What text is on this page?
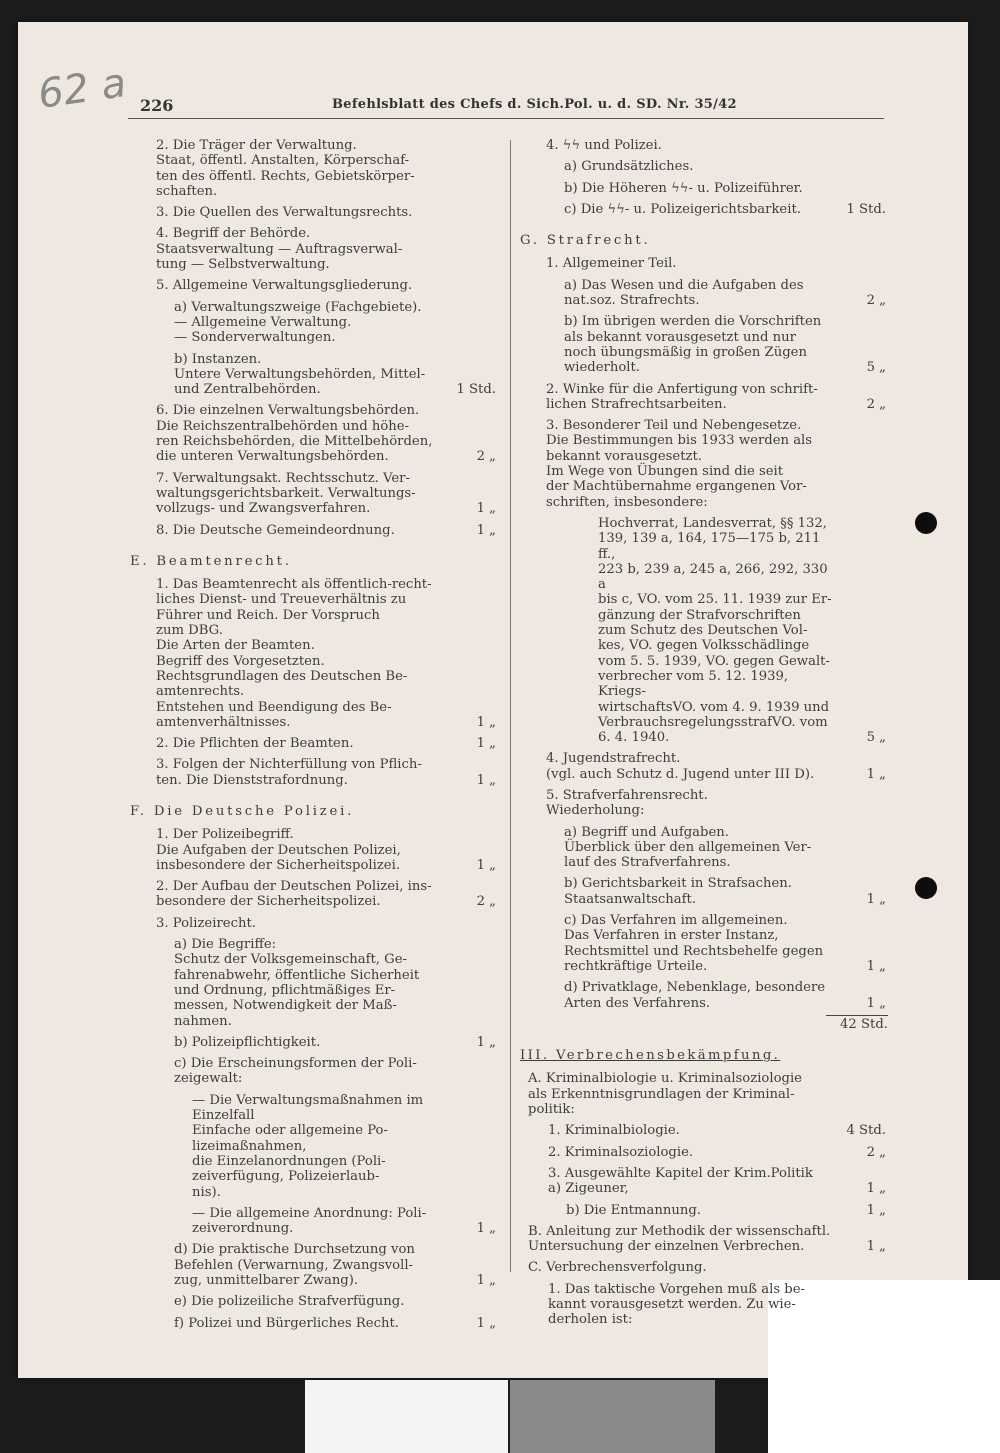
62 a 226	Befehlsblatt des Chefs d. Sich.Pol. u. d. SD. Nr. 35/42
2. Die Träger der Verwaltung.
Staat, öffentl. Anstalten, Körperschaf-
ten des öffentl. Rechts, Gebietskörper-
schaften.
3. Die Quellen des Verwaltungsrechts.
4. Begriff der Behörde.
Staatsverwaltung — Auftragsverwal-
tung — Selbstverwaltung.
5. Allgemeine Verwaltungsgliederung.
a) Verwaltungszweige (Fachgebiete).
— Allgemeine Verwaltung.
— Sonderverwaltungen.
b) Instanzen.
Untere Verwaltungsbehörden, Mittel-
und Zentralbehörden.	1 Std.
6. Die einzelnen Verwaltungsbehörden.
Die Reichszentralbehörden und höhe-
ren Reichsbehörden, die Mittelbehörden,
die unteren Verwaltungsbehörden.	2 „
7. Verwaltungsakt. Rechtsschutz. Ver-
waltungsgerichtsbarkeit. Verwaltungs-
vollzugs- und Zwangsverfahren.	1 „
8. Die Deutsche Gemeindeordnung.	1 „
E. Beamtenrecht.
1. Das Beamtenrecht als öffentlich-recht-
liches Dienst- und Treueverhältnis zu
Führer und Reich. Der Vorspruch
zum DBG.
Die Arten der Beamten.
Begriff des Vorgesetzten.
Rechtsgrundlagen des Deutschen Be-
amtenrechts.
Entstehen und Beendigung des Be-
amtenverhältnisses.	1 „
2. Die Pflichten der Beamten.	1 „
3. Folgen der Nichterfüllung von Pflich-
ten. Die Dienststrafordnung.	1 „
F. Die Deutsche Polizei.
1. Der Polizeibegriff.
Die Aufgaben der Deutschen Polizei,
insbesondere der Sicherheitspolizei.	1 „
2. Der Aufbau der Deutschen Polizei, ins-
besondere der Sicherheitspolizei.	2 „
3. Polizeirecht.
a) Die Begriffe:
Schutz der Volksgemeinschaft, Ge-
fahrenabwehr, öffentliche Sicherheit
und Ordnung, pflichtmäßiges Er-
messen, Notwendigkeit der Maß-
nahmen.
b) Polizeipflichtigkeit.	1 „
c) Die Erscheinungsformen der Poli-
zeigewalt:
— Die Verwaltungsmaßnahmen im
Einzelfall
Einfache oder allgemeine Po-
lizeimaßnahmen,
die Einzelanordnungen (Poli-
zeiverfügung, Polizeierlaub-
nis).
— Die allgemeine Anordnung: Poli-
zeiverordnung.	1 „
d) Die praktische Durchsetzung von
Befehlen (Verwarnung, Zwangsvoll-
zug, unmittelbarer Zwang).	1 „
e) Die polizeiliche Strafverfügung.
f) Polizei und Bürgerliches Recht.	1 „
4. ϟϟ und Polizei.
a) Grundsätzliches.
b) Die Höheren ϟϟ- u. Polizeiführer.
c) Die ϟϟ- u. Polizeigerichtsbarkeit.	1 Std.
G. Strafrecht.
1. Allgemeiner Teil.
a) Das Wesen und die Aufgaben des
nat.soz. Strafrechts.	2 „
b) Im übrigen werden die Vorschriften
als bekannt vorausgesetzt und nur
noch übungsmäßig in großen Zügen
wiederholt.	5 „
2. Winke für die Anfertigung von schrift-
lichen Strafrechtsarbeiten.	2 „
3. Besonderer Teil und Nebengesetze.
Die Bestimmungen bis 1933 werden als
bekannt vorausgesetzt.
Im Wege von Übungen sind die seit
der Machtübernahme ergangenen Vor-
schriften, insbesondere:
Hochverrat, Landesverrat, §§ 132,
139, 139 a, 164, 175—175 b, 211 ff.,
223 b, 239 a, 245 a, 266, 292, 330 a
bis c, VO. vom 25. 11. 1939 zur Er-
gänzung der Strafvorschriften
zum Schutz des Deutschen Vol-
kes, VO. gegen Volksschädlinge
vom 5. 5. 1939, VO. gegen Gewalt-
verbrecher vom 5. 12. 1939, Kriegs-
wirtschaftsVO. vom 4. 9. 1939 und
VerbrauchsregelungsstrafVO. vom
6. 4. 1940.	5 „
4. Jugendstrafrecht.
(vgl. auch Schutz d. Jugend unter III D).	1 „
5. Strafverfahrensrecht.
Wiederholung:
a) Begriff und Aufgaben.
Überblick über den allgemeinen Ver-
lauf des Strafverfahrens.
b) Gerichtsbarkeit in Strafsachen.
Staatsanwaltschaft.	1 „
c) Das Verfahren im allgemeinen.
Das Verfahren in erster Instanz,
Rechtsmittel und Rechtsbehelfe gegen
rechtkräftige Urteile.	1 „
d) Privatklage, Nebenklage, besondere
Arten des Verfahrens.	1 „
42 Std.
III. Verbrechensbekämpfung.
A. Kriminalbiologie u. Kriminalsoziologie
als Erkenntnisgrundlagen der Kriminal-
politik:
1. Kriminalbiologie.	4 Std.
2. Kriminalsoziologie.	2 „
3. Ausgewählte Kapitel der Krim.Politik
a) Zigeuner,	1 „
b) Die Entmannung.	1 „
B. Anleitung zur Methodik der wissenschaftl.
Untersuchung der einzelnen Verbrechen.	1 „
C. Verbrechensverfolgung.
1. Das taktische Vorgehen muß als be-
kannt vorausgesetzt werden. Zu wie-
derholen ist:
